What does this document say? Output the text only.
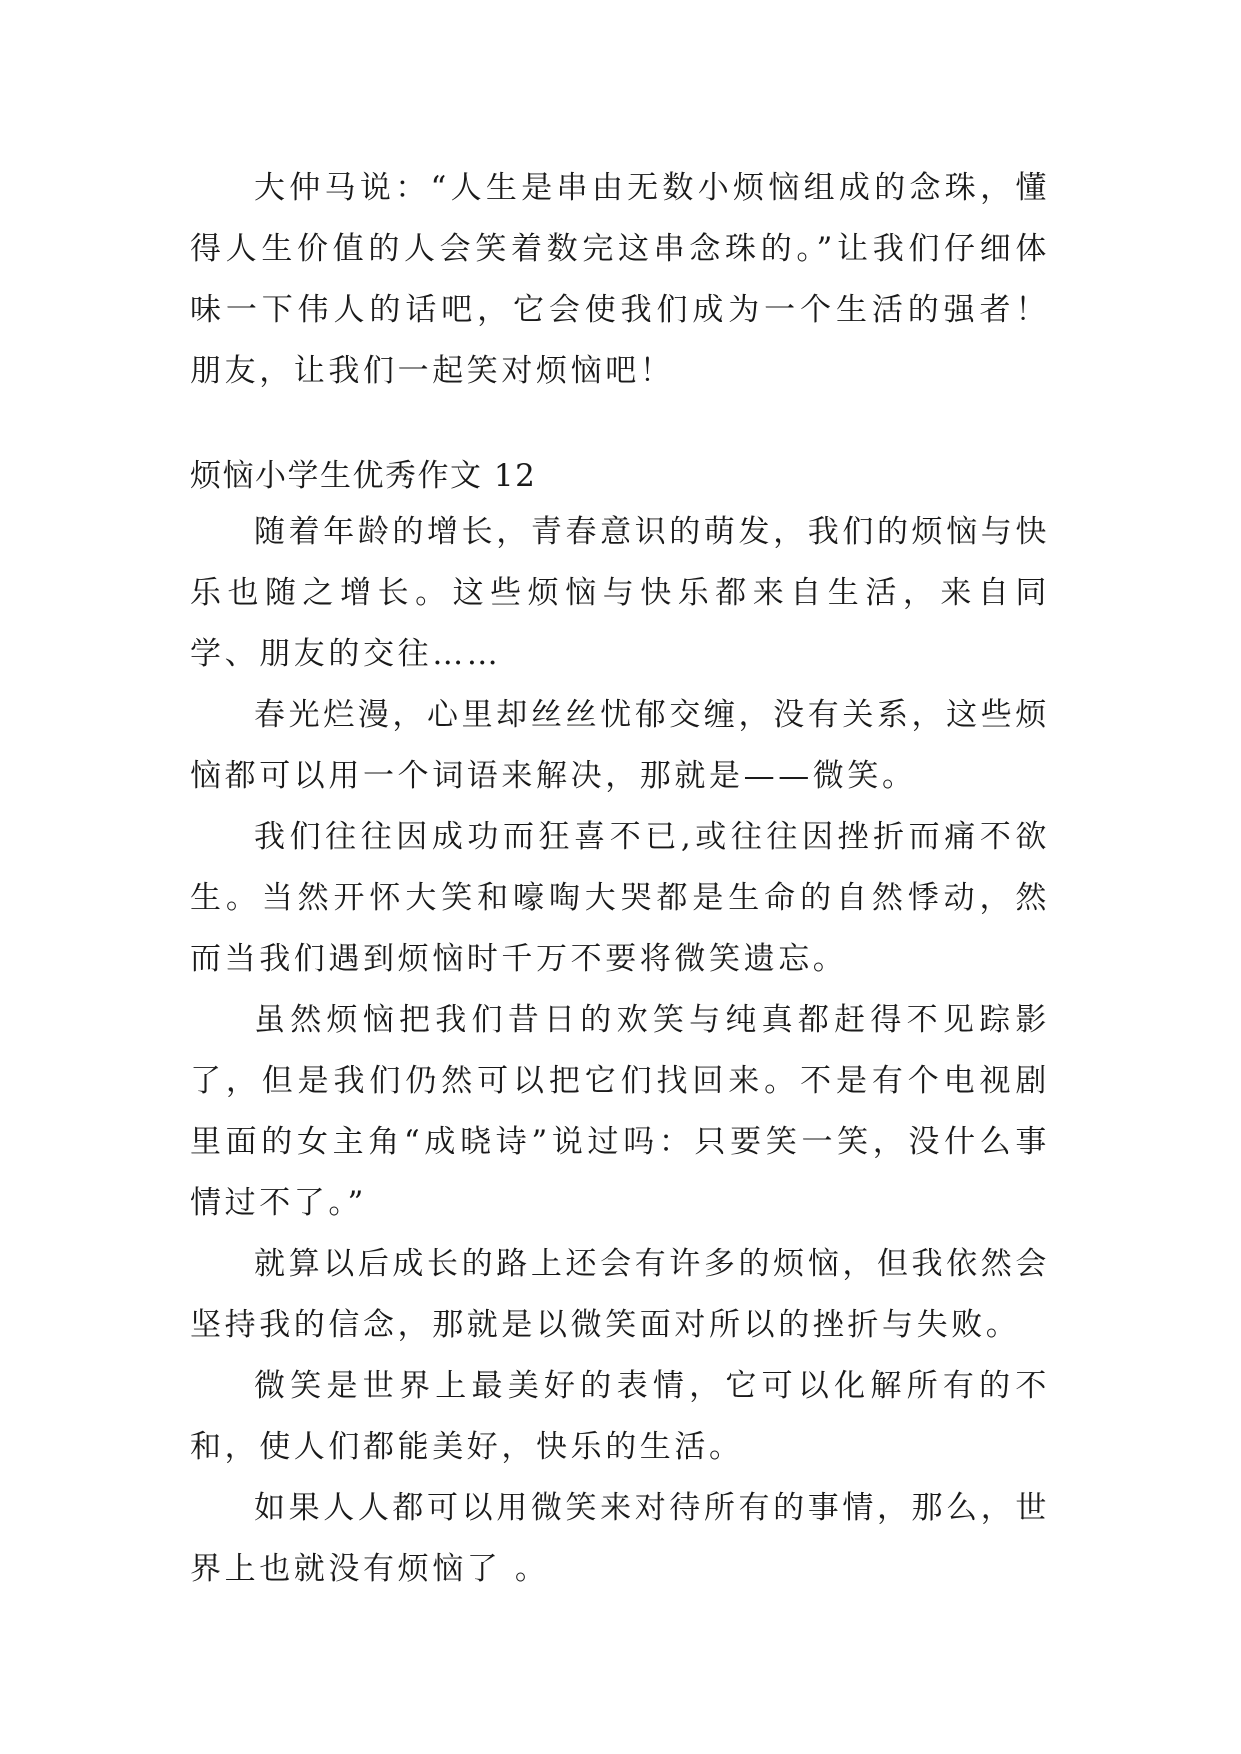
大仲马说：“人生是串由无数小烦恼组成的念珠，懂得人生价值的人会笑着数完这串念珠的。”让我们仔细体味一下伟人的话吧，它会使我们成为一个生活的强者！朋友，让我们一起笑对烦恼吧！

烦恼小学生优秀作文 12

随着年龄的增长，青春意识的萌发，我们的烦恼与快乐也随之增长。这些烦恼与快乐都来自生活，来自同学、朋友的交往……

春光烂漫，心里却丝丝忧郁交缠，没有关系，这些烦恼都可以用一个词语来解决，那就是——微笑。

我们往往因成功而狂喜不已,或往往因挫折而痛不欲生。当然开怀大笑和嚎啕大哭都是生命的自然悸动，然而当我们遇到烦恼时千万不要将微笑遗忘。

虽然烦恼把我们昔日的欢笑与纯真都赶得不见踪影了，但是我们仍然可以把它们找回来。不是有个电视剧里面的女主角“成晓诗”说过吗：只要笑一笑，没什么事情过不了。”

就算以后成长的路上还会有许多的烦恼，但我依然会坚持我的信念，那就是以微笑面对所以的挫折与失败。

微笑是世界上最美好的表情，它可以化解所有的不和，使人们都能美好，快乐的生活。

如果人人都可以用微笑来对待所有的事情，那么，世界上也就没有烦恼了 。
